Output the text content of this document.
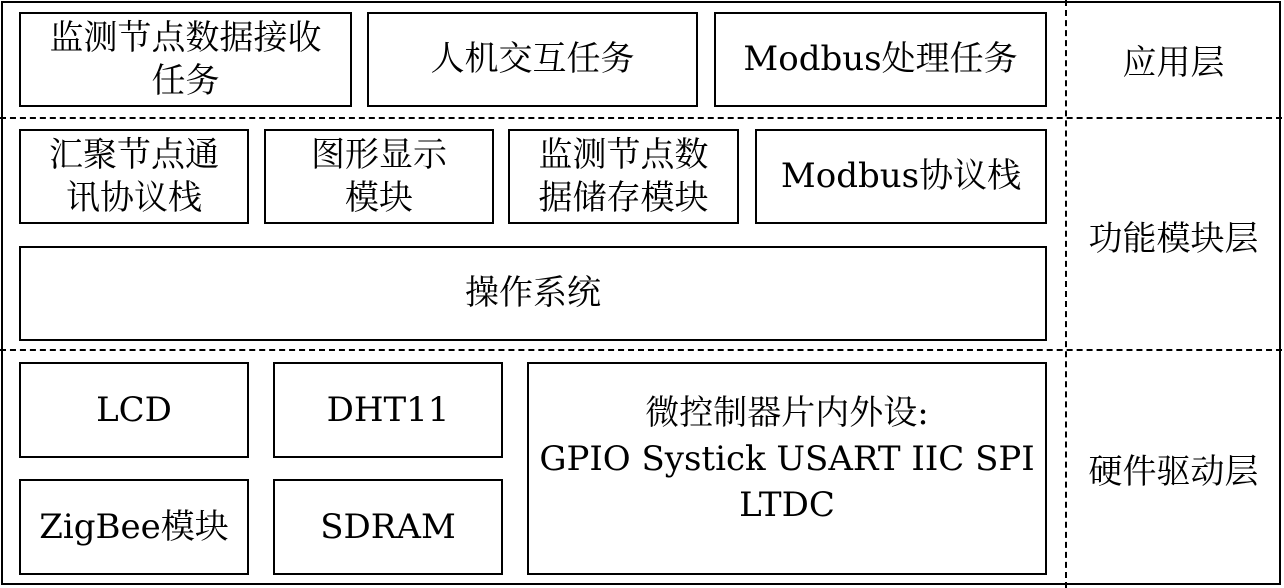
监测节点数据接收
任务
人机交互任务	Modbus处理任务
汇聚节点通
讯协议栈
图形显示
模块
监测节点数
据储存模块
Modbus协议栈
操作系统
LCD	DHT11
ZigBee模块	SDRAM
微控制器片内外设:
GPIO Systick USART IIC SPI
LTDC
应用层
功能模块层
硬件驱动层
